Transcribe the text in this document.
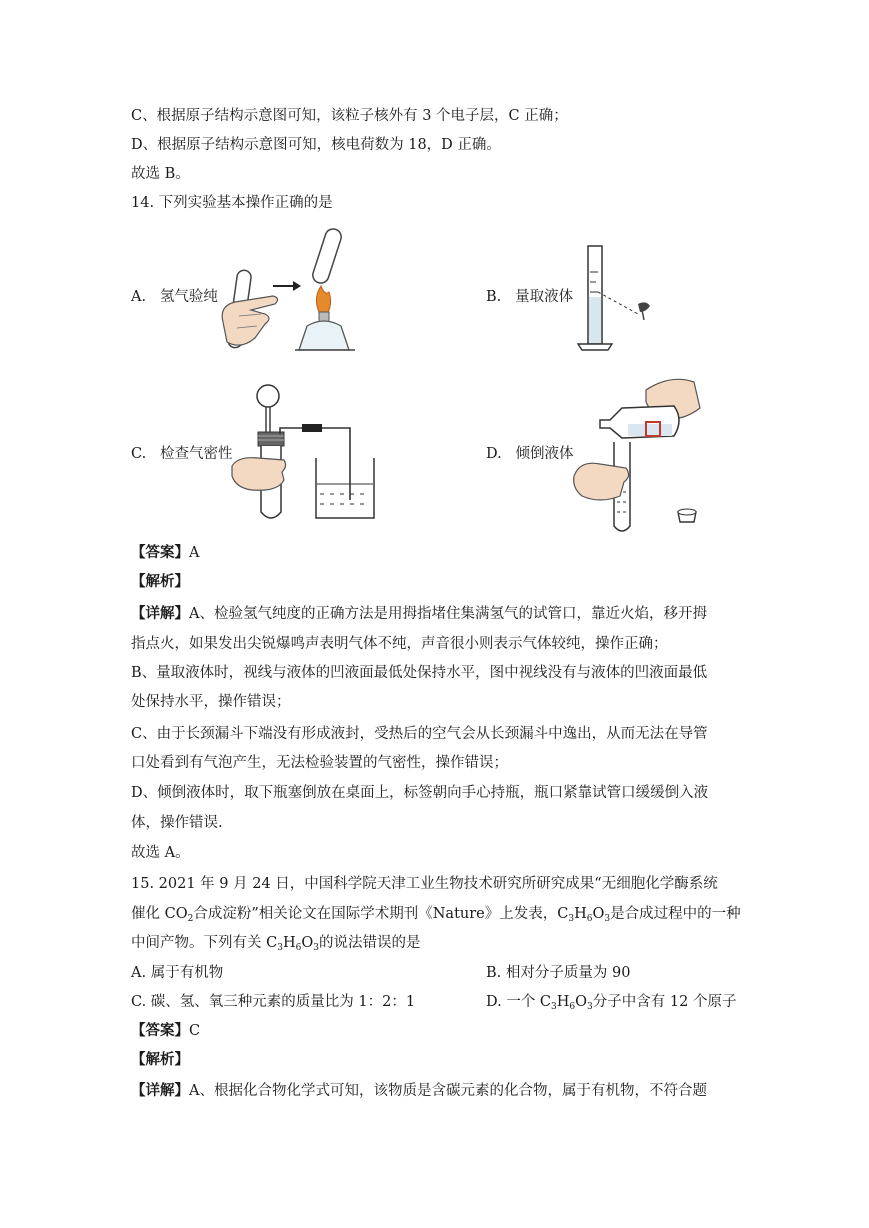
C、根据原子结构示意图可知，该粒子核外有 3 个电子层，C 正确；
D、根据原子结构示意图可知，核电荷数为 18，D 正确。
故选 B。
14. 下列实验基本操作正确的是
A. 氢气验纯	B. 量取液体
C. 检查气密性	D. 倾倒液体
【答案】A
【解析】
【详解】A、检验氢气纯度的正确方法是用拇指堵住集满氢气的试管口，靠近火焰，移开拇
指点火，如果发出尖锐爆鸣声表明气体不纯，声音很小则表示气体较纯，操作正确；
B、量取液体时，视线与液体的凹液面最低处保持水平，图中视线没有与液体的凹液面最低
处保持水平，操作错误；
C、由于长颈漏斗下端没有形成液封，受热后的空气会从长颈漏斗中逸出，从而无法在导管
口处看到有气泡产生，无法检验装置的气密性，操作错误；
D、倾倒液体时，取下瓶塞倒放在桌面上，标签朝向手心持瓶，瓶口紧靠试管口缓缓倒入液
体，操作错误.
故选 A。
15. 2021 年 9 月 24 日，中国科学院天津工业生物技术研究所研究成果“无细胞化学酶系统
催化 $CO_2$合成淀粉”相关论文在国际学术期刊《Nature》上发表，$C_3H_6O_3$是合成过程中的一种
中间产物。下列有关 $C_3H_6O_3$的说法错误的是
A. 属于有机物	B. 相对分子质量为 90
C. 碳、氢、氧三种元素的质量比为 1：2：1	D. 一个 $C_3H_6O_3$分子中含有 12 个原子
【答案】C
【解析】
【详解】A、根据化合物化学式可知，该物质是含碳元素的化合物，属于有机物，不符合题
